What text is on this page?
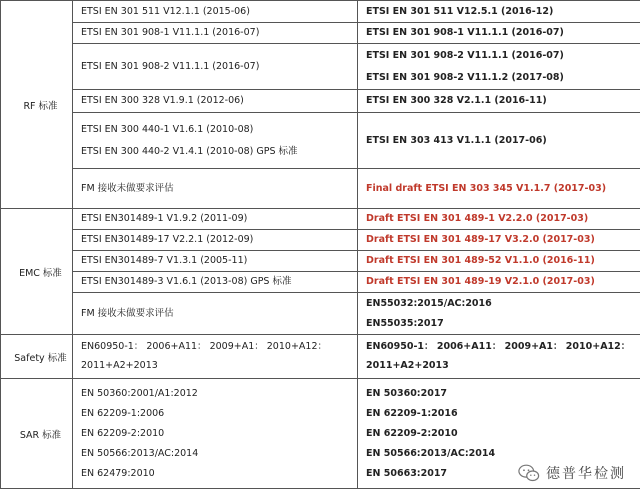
RF 标准	ETSI EN 301 511 V12.1.1 (2015-06)	ETSI EN 301 511 V12.5.1 (2016-12)

	ETSI EN 301 908-1 V11.1.1 (2016-07)	ETSI EN 301 908-1 V11.1.1 (2016-07)

	ETSI EN 301 908-2 V11.1.1 (2016-07)	ETSI EN 301 908-2 V11.1.1 (2016-07)
ETSI EN 301 908-2 V11.1.2 (2017-08)

	ETSI EN 300 328 V1.9.1 (2012-06)	ETSI EN 300 328 V2.1.1 (2016-11)

	ETSI EN 300 440-1 V1.6.1 (2010-08)
ETSI EN 300 440-2 V1.4.1 (2010-08) GPS 标准	ETSI EN 303 413 V1.1.1 (2017-06)

	FM 接收未做要求评估	Final draft ETSI EN 303 345 V1.1.7 (2017-03)

EMC 标准	ETSI EN301489-1 V1.9.2 (2011-09)	Draft ETSI EN 301 489-1 V2.2.0 (2017-03)

	ETSI EN301489-17 V2.2.1 (2012-09)	Draft ETSI EN 301 489-17 V3.2.0 (2017-03)

	ETSI EN301489-7 V1.3.1 (2005-11)	Draft ETSI EN 301 489-52 V1.1.0 (2016-11)

	ETSI EN301489-3 V1.6.1 (2013-08) GPS 标准	Draft ETSI EN 301 489-19 V2.1.0 (2017-03)

	FM 接收未做要求评估	EN55032:2015/AC:2016
EN55035:2017

Safety 标准	EN60950-1： 2006+A11： 2009+A1： 2010+A12：
2011+A2+2013	EN60950-1： 2006+A11： 2009+A1： 2010+A12：
2011+A2+2013

SAR 标准	EN 50360:2001/A1:2012
EN 62209-1:2006
EN 62209-2:2010
EN 50566:2013/AC:2014
EN 62479:2010	EN 50360:2017
EN 62209-1:2016
EN 62209-2:2010
EN 50566:2013/AC:2014
EN 50663:2017	德普华检测
